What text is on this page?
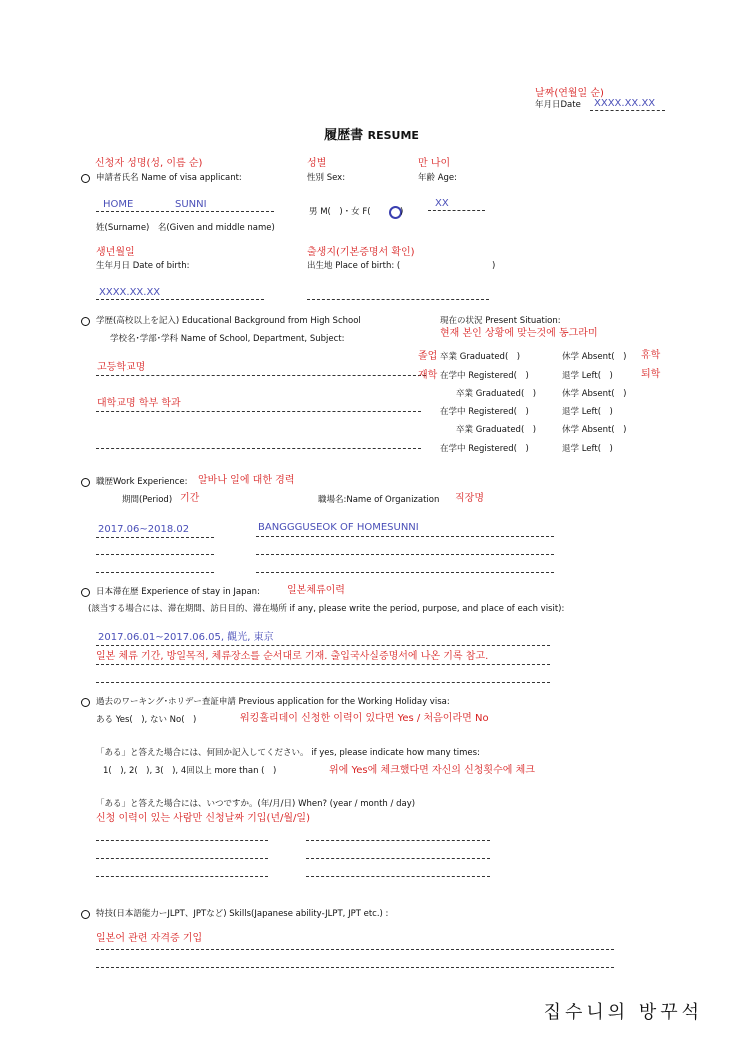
날짜(연월일 순)
年月日Date XXXX.XX.XX
履歴書 RESUME
신청자 성명(성, 이름 순)
申請者氏名 Name of visa applicant:
성별
性別 Sex:
만 나이
年齢 Age:
HOME	SUNNI
男 M(　)・女 F(	)
XX
姓(Surname)　名(Given and middle name)
생년월일
生年月日 Date of birth:
출생지(기본증명서 확인)
出生地 Place of birth: (	)
XXXX.XX.XX
学歴(高校以上を記入) Educational Background from High School
学校名･学部･学科 Name of School, Department, Subject:
現在の状況 Present Situation:
현재 본인 상황에 맞는것에 동그라미
고등학교명
대학교명 학부 학과
졸업 卒業 Graduated(　)	休学 Absent(　) 휴학
재학 在学中 Registered(　)	退学 Left(　)	퇴학
卒業 Graduated(　)	休学 Absent(　)
在学中 Registered(　)	退学 Left(　)
卒業 Graduated(　)	休学 Absent(　)
在学中 Registered(　)	退学 Left(　)
職歴Work Experience: 알바나 일에 대한 경력
期間(Period) 기간	職場名:Name of Organization 직장명
2017.06~2018.02	BANGGGUSEOK OF HOMESUNNI
日本滞在歴 Experience of stay in Japan:	일본체류이력
(該当する場合には、滞在期間、訪日目的、滞在場所 if any, please write the period, purpose, and place of each visit):
2017.06.01~2017.06.05, 觀光, 東京
일본 체류 기간, 방일목적, 체류장소를 순서대로 기재. 출입국사실증명서에 나온 기록 참고.
過去のワーキング･ホリデー査証申請 Previous application for the Working Holiday visa:
ある Yes(　), ない No(　)	워킹홀리데이 신청한 이력이 있다면 Yes / 처음이라면 No
「ある」と答えた場合には、何回か記入してください。 if yes, please indicate how many times:
1(　), 2(　), 3(　), 4回以上 more than (　)	위에 Yes에 체크했다면 자신의 신청횟수에 체크
「ある」と答えた場合には、いつですか。(年/月/日) When? (year / month / day)
신청 이력이 있는 사람만 신청날짜 기입(년/월/일)
特技(日本語能力ーJLPT、JPTなど) Skills(Japanese ability-JLPT, JPT etc.) :
일본어 관련 자격증 기입
집수니의 방꾸석
